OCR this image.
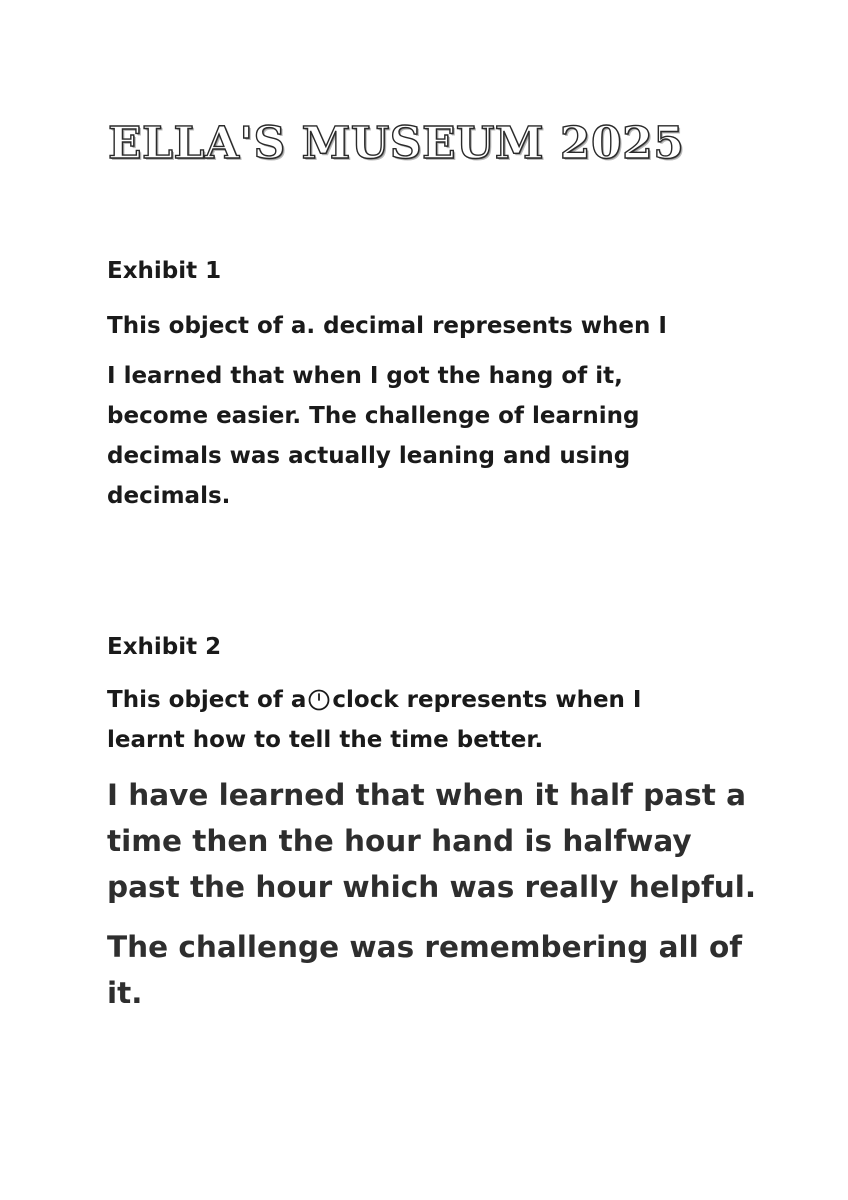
ELLA'S MUSEUM 2025
Exhibit 1
This object of a. decimal represents when I
I learned that when I got the hang of it,
become easier. The challenge of learning
decimals was actually leaning and using
decimals.
Exhibit 2
This object of a clock represents when I
learnt how to tell the time better.
I have learned that when it half past a
time then the hour hand is halfway
past the hour which was really helpful.
The challenge was remembering all of
it.
